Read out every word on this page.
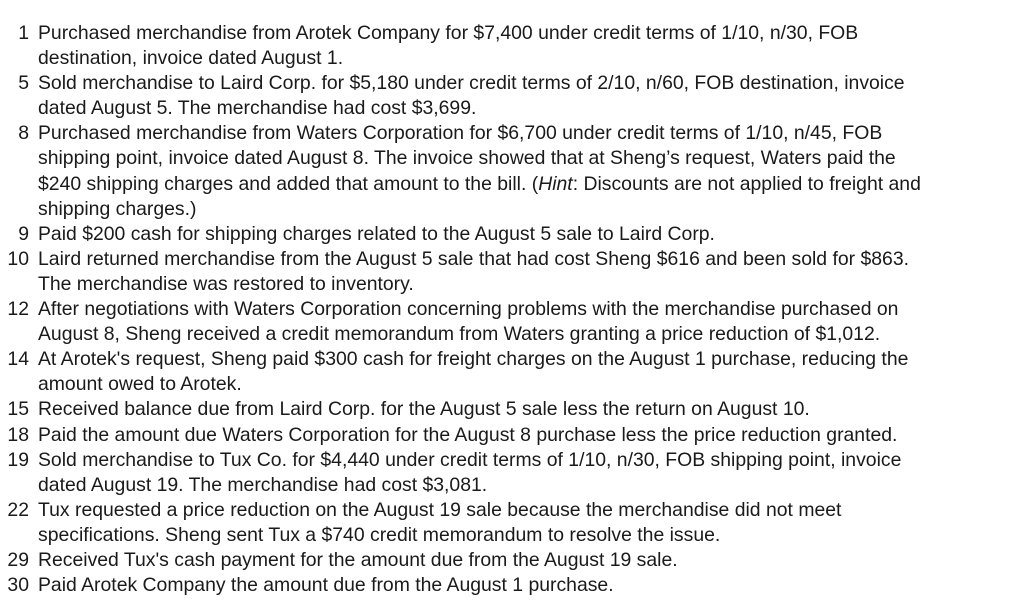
1 Purchased merchandise from Arotek Company for $7,400 under credit terms of 1/10, n/30, FOB
destination, invoice dated August 1.
5 Sold merchandise to Laird Corp. for $5,180 under credit terms of 2/10, n/60, FOB destination, invoice
dated August 5. The merchandise had cost $3,699.
8 Purchased merchandise from Waters Corporation for $6,700 under credit terms of 1/10, n/45, FOB
shipping point, invoice dated August 8. The invoice showed that at Sheng’s request, Waters paid the
$240 shipping charges and added that amount to the bill. (Hint: Discounts are not applied to freight and
shipping charges.)
9 Paid $200 cash for shipping charges related to the August 5 sale to Laird Corp.
10 Laird returned merchandise from the August 5 sale that had cost Sheng $616 and been sold for $863.
The merchandise was restored to inventory.
12 After negotiations with Waters Corporation concerning problems with the merchandise purchased on
August 8, Sheng received a credit memorandum from Waters granting a price reduction of $1,012.
14 At Arotek's request, Sheng paid $300 cash for freight charges on the August 1 purchase, reducing the
amount owed to Arotek.
15 Received balance due from Laird Corp. for the August 5 sale less the return on August 10.
18 Paid the amount due Waters Corporation for the August 8 purchase less the price reduction granted.
19 Sold merchandise to Tux Co. for $4,440 under credit terms of 1/10, n/30, FOB shipping point, invoice
dated August 19. The merchandise had cost $3,081.
22 Tux requested a price reduction on the August 19 sale because the merchandise did not meet
specifications. Sheng sent Tux a $740 credit memorandum to resolve the issue.
29 Received Tux's cash payment for the amount due from the August 19 sale.
30 Paid Arotek Company the amount due from the August 1 purchase.
